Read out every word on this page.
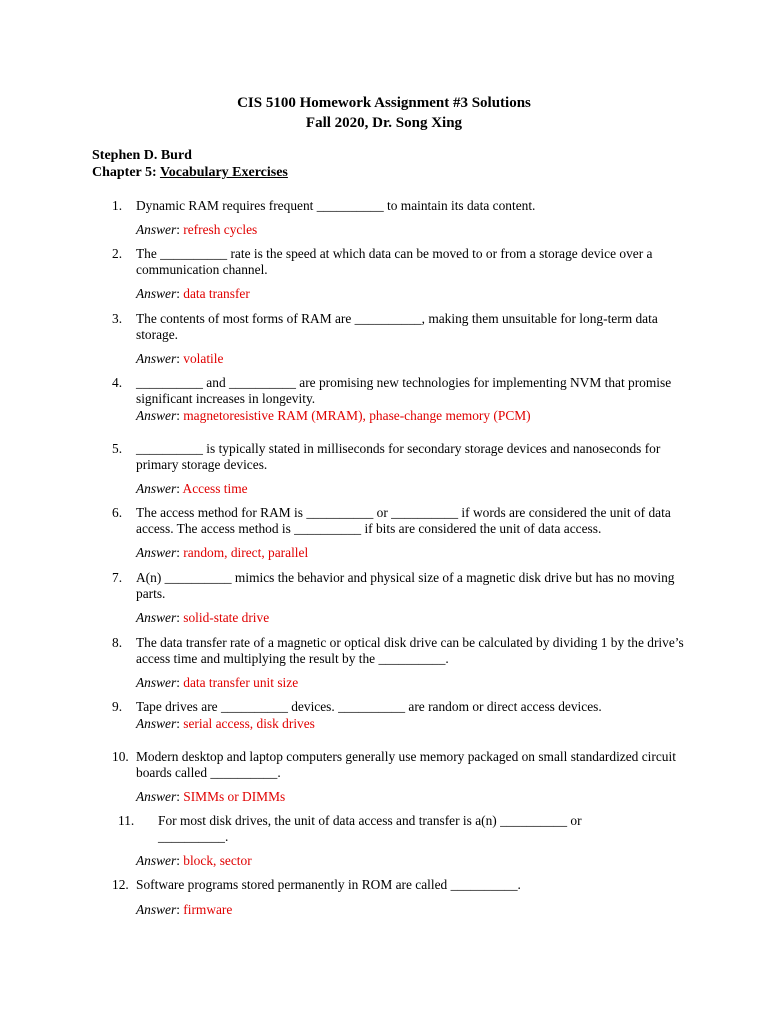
CIS 5100 Homework Assignment #3 Solutions
Fall 2020, Dr. Song Xing
Stephen D. Burd
Chapter 5: Vocabulary Exercises
1. Dynamic RAM requires frequent __________ to maintain its data content.
Answer: refresh cycles
2. The __________ rate is the speed at which data can be moved to or from a storage device over a communication channel.
Answer: data transfer
3. The contents of most forms of RAM are __________, making them unsuitable for long-term data storage.
Answer: volatile
4. __________ and __________ are promising new technologies for implementing NVM that promise significant increases in longevity.
Answer: magnetoresistive RAM (MRAM), phase-change memory (PCM)
5. __________ is typically stated in milliseconds for secondary storage devices and nanoseconds for primary storage devices.
Answer: Access time
6. The access method for RAM is __________ or __________ if words are considered the unit of data access. The access method is __________ if bits are considered the unit of data access.
Answer: random, direct, parallel
7. A(n) __________ mimics the behavior and physical size of a magnetic disk drive but has no moving parts.
Answer: solid-state drive
8. The data transfer rate of a magnetic or optical disk drive can be calculated by dividing 1 by the drive’s access time and multiplying the result by the __________.
Answer: data transfer unit size
9. Tape drives are __________ devices. __________ are random or direct access devices.
Answer: serial access, disk drives
10. Modern desktop and laptop computers generally use memory packaged on small standardized circuit boards called __________.
Answer: SIMMs or DIMMs
11. For most disk drives, the unit of data access and transfer is a(n) __________ or __________.
Answer: block, sector
12. Software programs stored permanently in ROM are called __________.
Answer: firmware
